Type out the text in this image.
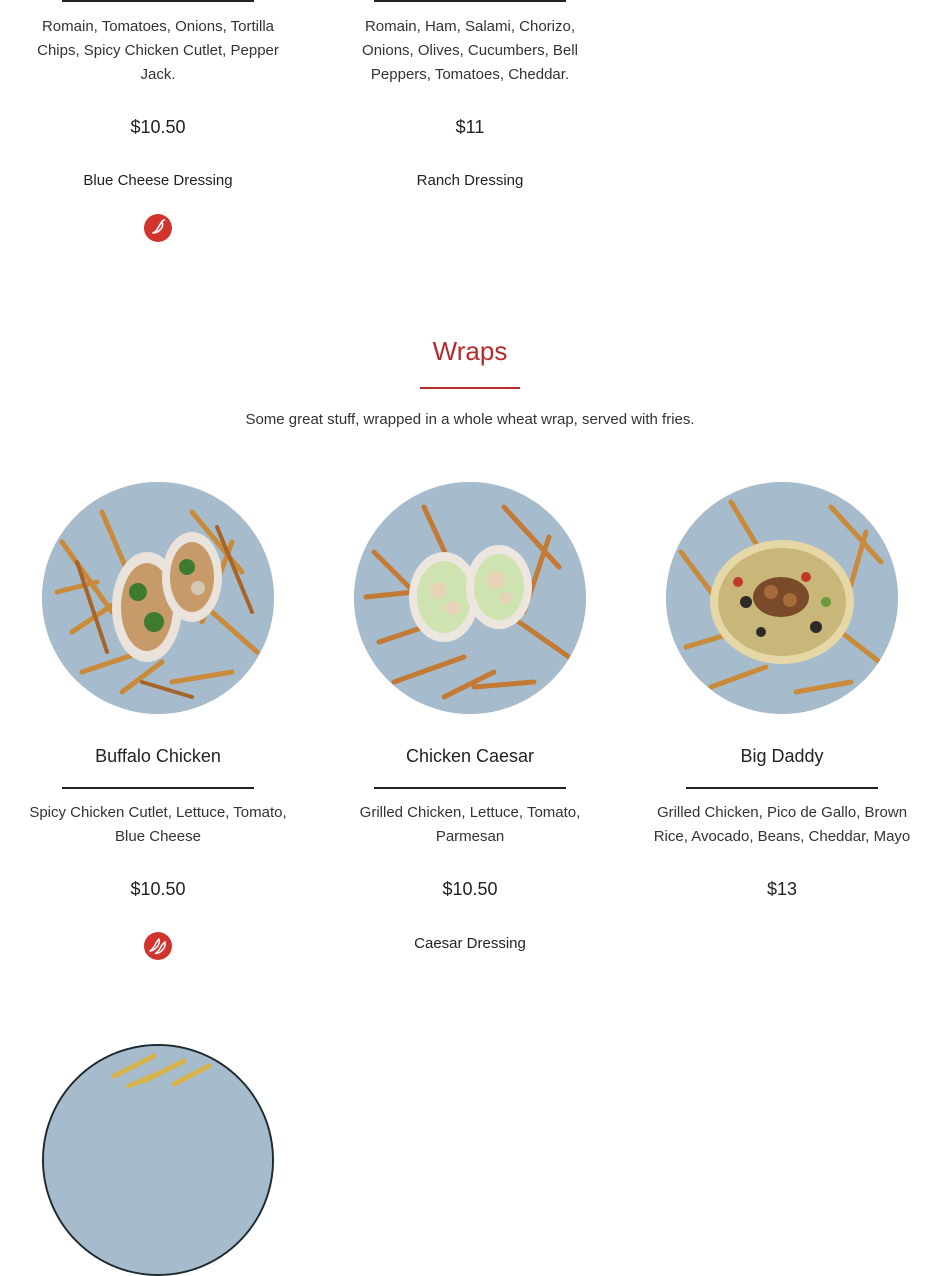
Romain, Tomatoes, Onions, Tortilla Chips, Spicy Chicken Cutlet, Pepper Jack.
$10.50
Blue Cheese Dressing
Romain, Ham, Salami, Chorizo, Onions, Olives, Cucumbers, Bell Peppers, Tomatoes, Cheddar.
$11
Ranch Dressing
Wraps
Some great stuff, wrapped in a whole wheat wrap, served with fries.
Buffalo Chicken
Spicy Chicken Cutlet, Lettuce, Tomato, Blue Cheese
$10.50
Chicken Caesar
Grilled Chicken, Lettuce, Tomato, Parmesan
$10.50
Caesar Dressing
Big Daddy
Grilled Chicken, Pico de Gallo, Brown Rice, Avocado, Beans, Cheddar, Mayo
$13
